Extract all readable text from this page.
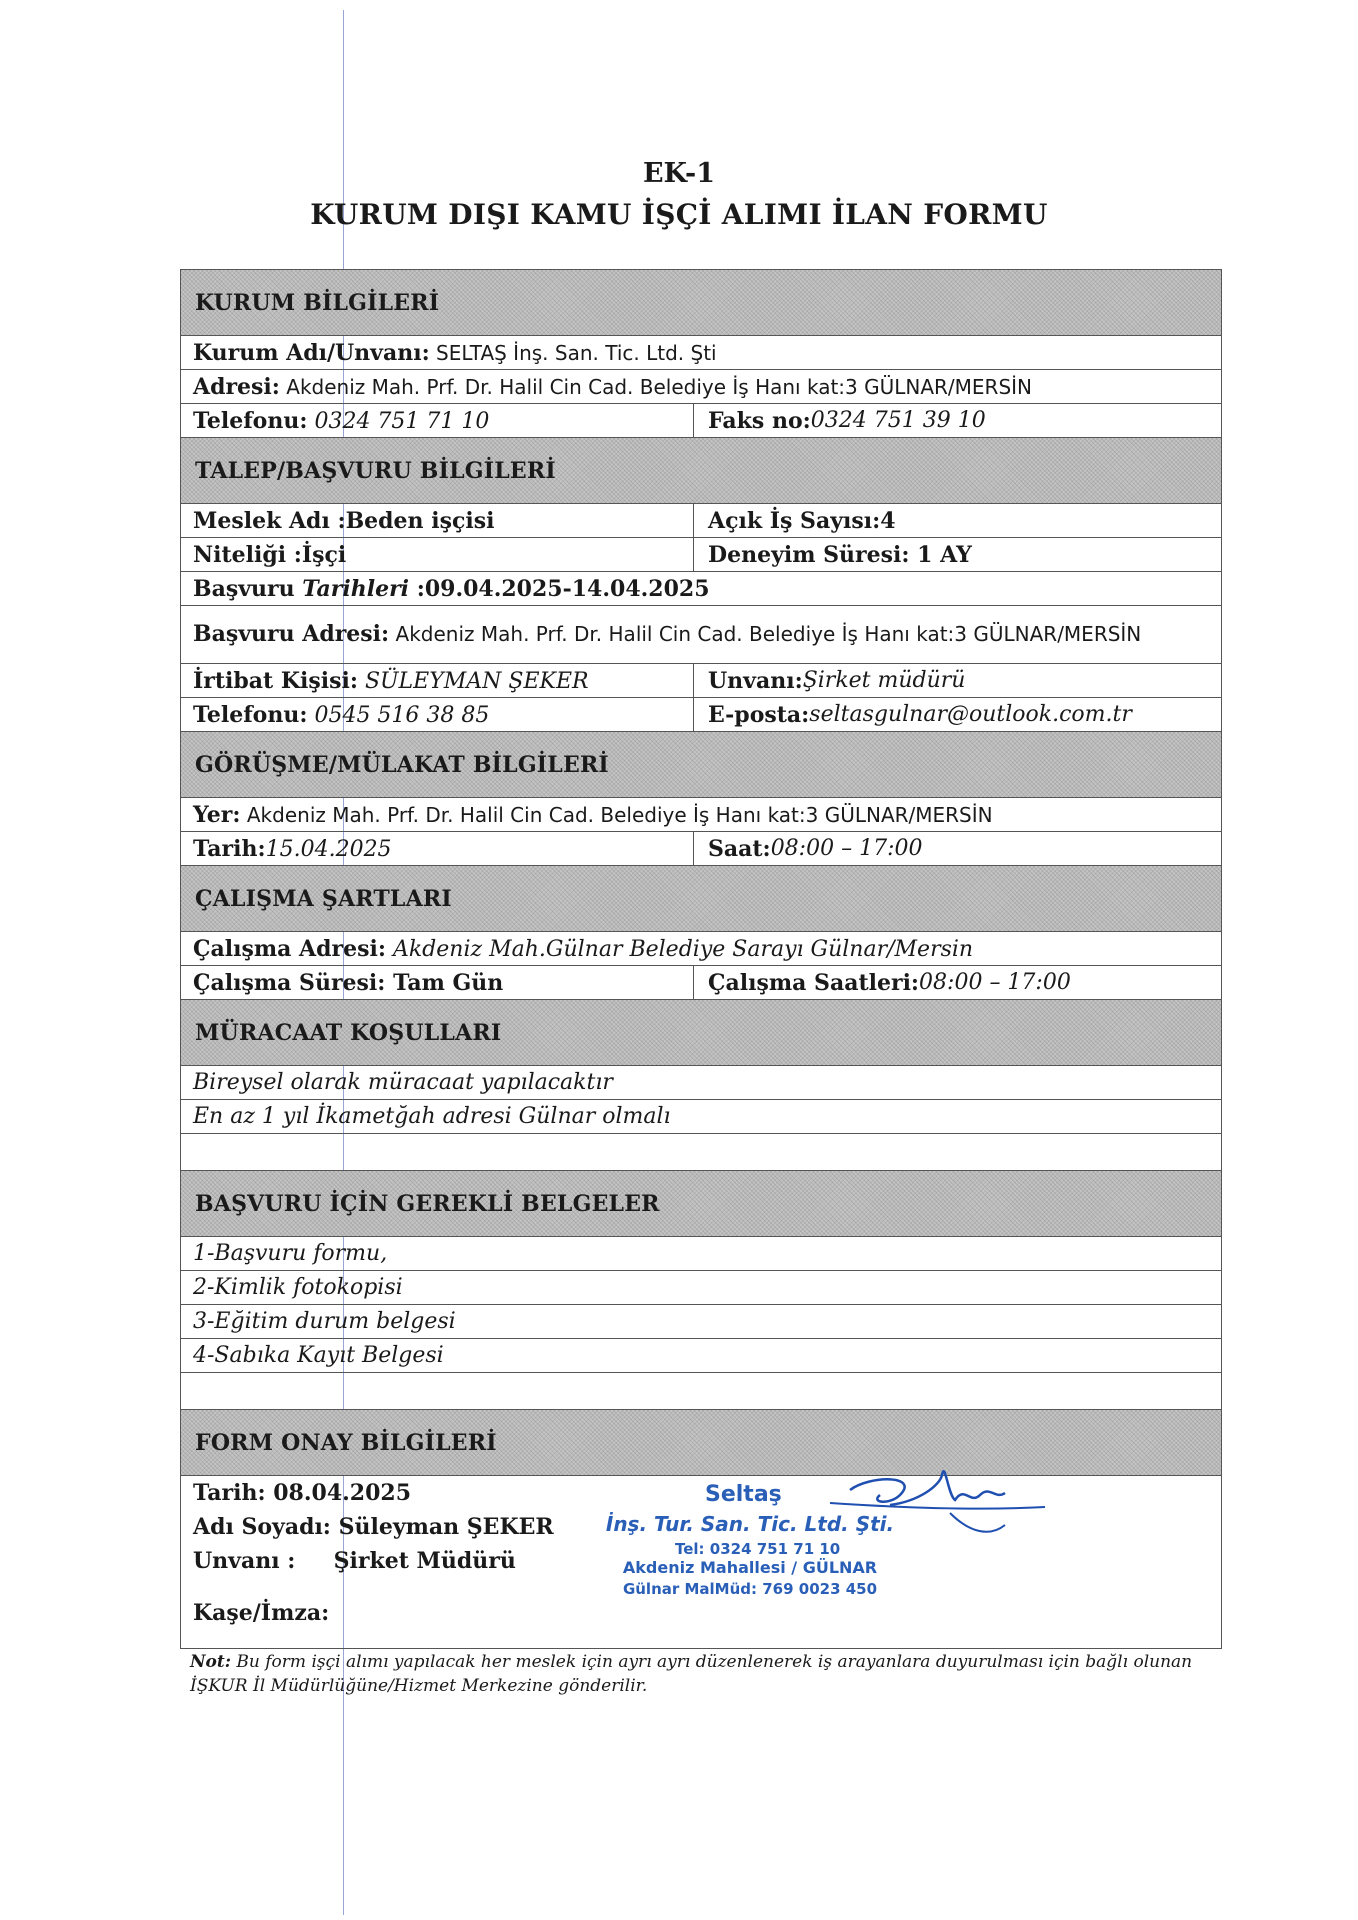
EK-1
KURUM DIŞI KAMU İŞÇİ ALIMI İLAN FORMU
KURUM BİLGİLERİ
Kurum Adı/Unvanı: SELTAŞ İnş. San. Tic. Ltd. Şti
Adresi: Akdeniz Mah. Prf. Dr. Halil Cin Cad. Belediye İş Hanı kat:3 GÜLNAR/MERSİN
Telefonu: 0324 751 71 10	Faks no: 0324 751 39 10
TALEP/BAŞVURU BİLGİLERİ
Meslek Adı :Beden işçisi	Açık İş Sayısı:4
Niteliği :İşçi	Deneyim Süresi: 1 AY
Başvuru Tarihleri :09.04.2025-14.04.2025
Başvuru Adresi: Akdeniz Mah. Prf. Dr. Halil Cin Cad. Belediye İş Hanı kat:3 GÜLNAR/MERSİN
İrtibat Kişisi: SÜLEYMAN ŞEKER	Unvanı: Şirket müdürü
Telefonu: 0545 516 38 85	E-posta: seltasgulnar@outlook.com.tr
GÖRÜŞME/MÜLAKAT BİLGİLERİ
Yer: Akdeniz Mah. Prf. Dr. Halil Cin Cad. Belediye İş Hanı kat:3 GÜLNAR/MERSİN
Tarih:15.04.2025	Saat: 08:00 – 17:00
ÇALIŞMA ŞARTLARI
Çalışma Adresi: Akdeniz Mah.Gülnar Belediye Sarayı Gülnar/Mersin
Çalışma Süresi: Tam Gün	Çalışma Saatleri: 08:00 – 17:00
MÜRACAAT KOŞULLARI
Bireysel olarak müracaat yapılacaktır
En az 1 yıl İkametğah adresi Gülnar olmalı
BAŞVURU İÇİN GEREKLİ BELGELER
1-Başvuru formu,
2-Kimlik fotokopisi
3-Eğitim durum belgesi
4-Sabıka Kayıt Belgesi
FORM ONAY BİLGİLERİ
Tarih: 08.04.2025
Adı Soyadı: Süleyman ŞEKER
Unvanı :     Şirket Müdürü
Kaşe/İmza:
Seltaş
İnş. Tur. San. Tic. Ltd. Şti.
Tel: 0324 751 71 10
Akdeniz Mahallesi / GÜLNAR
Gülnar MalMüd: 769 0023 450
Not: Bu form işçi alımı yapılacak her meslek için ayrı ayrı düzenlenerek iş arayanlara duyurulması için bağlı olunan İŞKUR İl Müdürlüğüne/Hizmet Merkezine gönderilir.
